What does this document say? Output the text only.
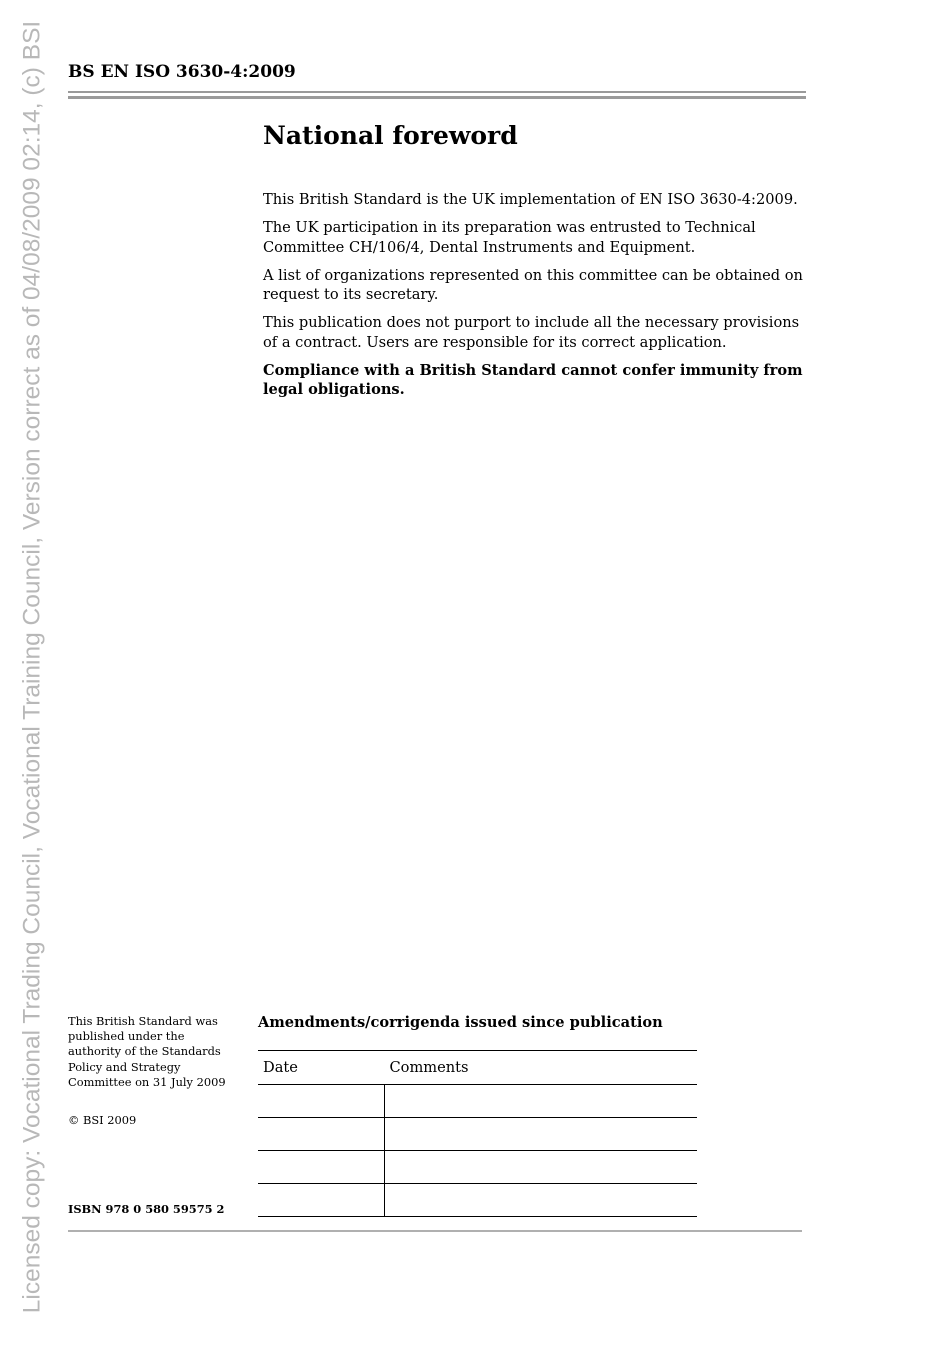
Licensed copy: Vocational Trading Council, Vocational Training Council, Version correct as of 04/08/2009 02:14, (c) BSI BS EN ISO 3630-4:2009
National foreword

This British Standard is the UK implementation of EN ISO 3630-4:2009.

The UK participation in its preparation was entrusted to Technical Committee CH/106/4, Dental Instruments and Equipment.

A list of organizations represented on this committee can be obtained on request to its secretary.

This publication does not purport to include all the necessary provisions of a contract. Users are responsible for its correct application.

Compliance with a British Standard cannot confer immunity from legal obligations.

This British Standard was published under the authority of the Standards Policy and Strategy Committee on 31 July 2009
© BSI 2009
ISBN 978 0 580 59575 2
Amendments/corrigenda issued since publication
Date	Comments
